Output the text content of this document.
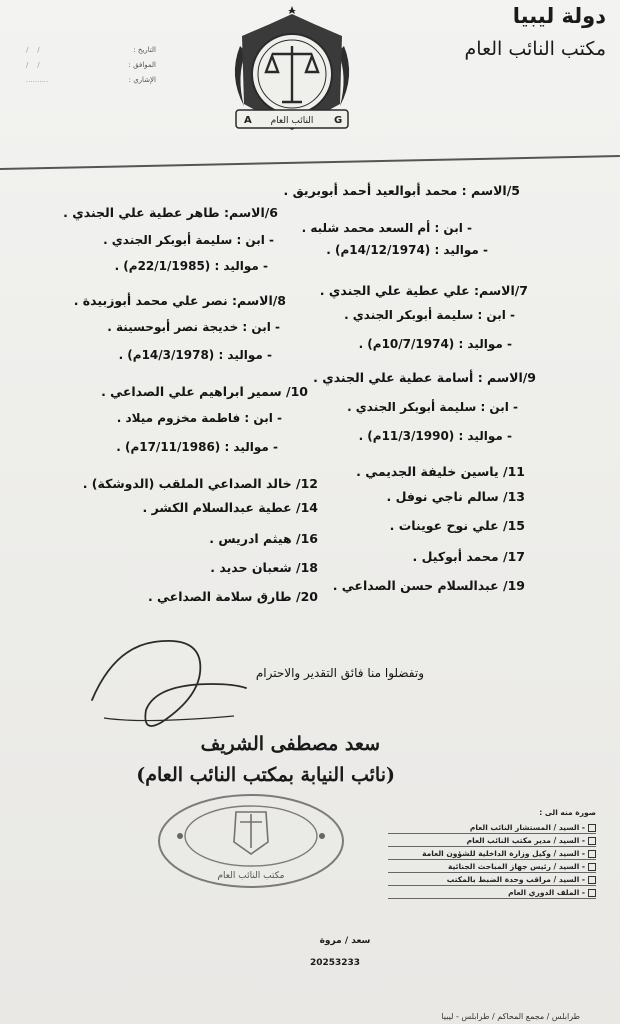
دولة ليبيا
مكتب النائب العام
التاريخ :
/    /
الموافق :
/    /
الإشاري :
..........
A	G
النائب العام
5/الاسم : محمد أبوالعيد أحمد أبوبريق .
- ابن : أم السعد محمد شلبه .
- مواليد : (14/12/1974م) .
6/الاسم: طاهر عطية علي الجندي .
- ابن : سليمة أبوبكر الجندي .
- مواليد : (22/1/1985م) .
7/الاسم: علي عطية علي الجندي .
- ابن : سليمة أبوبكر الجندي .
- مواليد : (10/7/1974م) .
8/الاسم: نصر علي محمد أبوزبيدة .
- ابن : خديجة نصر أبوحسينة .
- مواليد : (14/3/1978م) .
9/الاسم : أسامة عطية علي الجندي .
- ابن : سليمة أبوبكر الجندي .
- مواليد : (11/3/1990م) .
10/ سمير ابراهيم علي الصداعي .
- ابن : فاطمة مخزوم ميلاد .
- مواليد : (17/11/1986م) .
11/ ياسين خليفة الجديمي .
12/ خالد الصداعي الملقب (الدوشكة) .
13/ سالم ناجي نوفل .
14/ عطية عبدالسلام الكشر .
15/ علي نوح عوينات .
16/ هيثم ادريس .
17/ محمد أبوكيل .
18/ شعبان حديد .
19/ عبدالسلام حسن الصداعي .
20/ طارق سلامة الصداعي .
وتفضلوا منا فائق التقدير والاحترام
سعد مصطفى الشريف
(نائب النيابة بمكتب النائب العام)
مكتب النائب العام
صورة منه الى :
- السيد / المستشار النائب العام
- السيد / مدير مكتب النائب العام
- السيد / وكيل وزارة الداخلية للشؤون العامة
- السيد / رئيس جهاز المباحث الجنائية
- السيد / مراقب وحدة الضبط بالمكتب
- الملف الدوري العام
سعد / مروة
20253233
طرابلس / مجمع المحاكم / طرابلس - ليبيا
